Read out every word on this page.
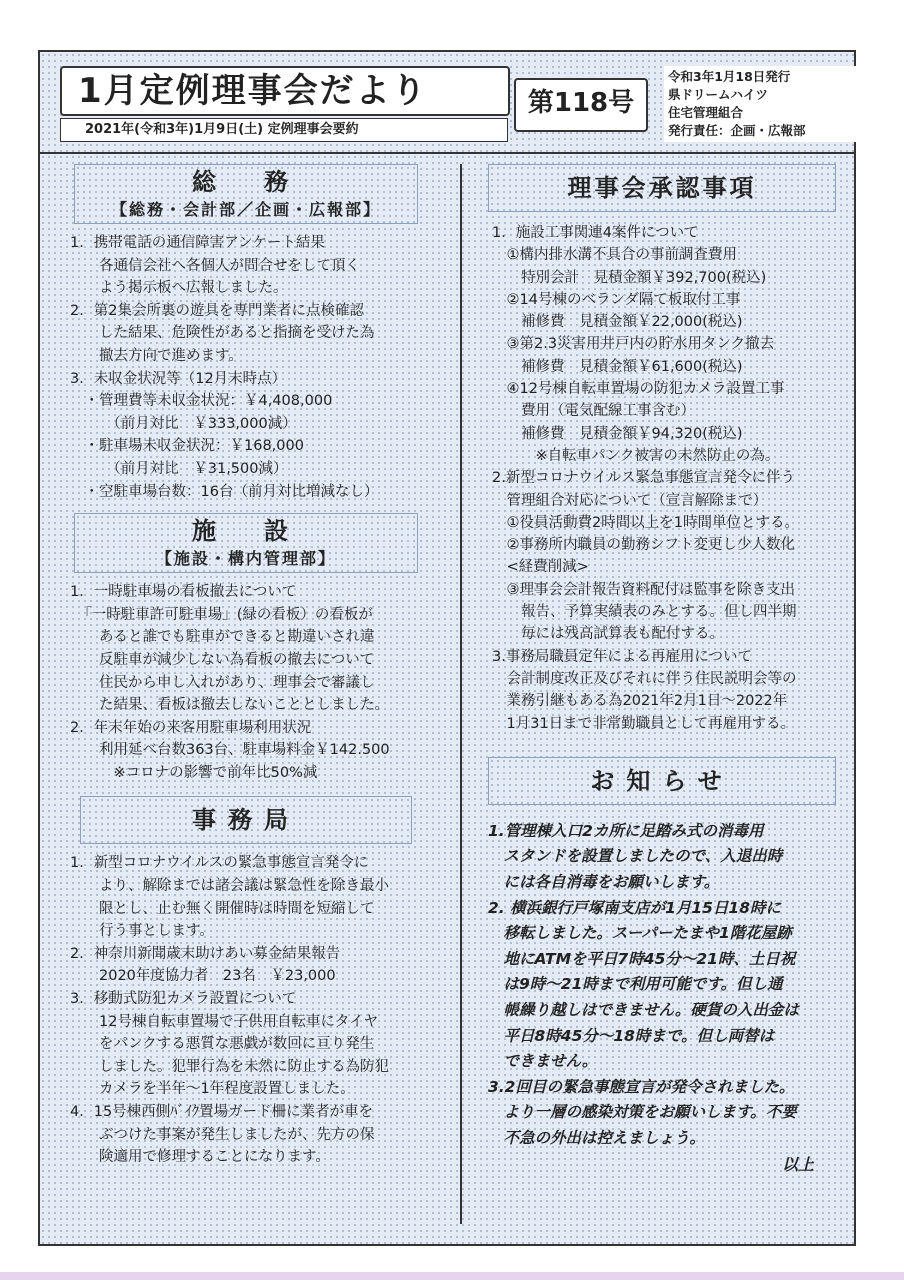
1月定例理事会だより
2021年(令和3年)1月9日(土) 定例理事会要約
第118号
令和3年1月18日発行
県ドリームハイツ
住宅管理組合
発行責任：企画・広報部
総　務
【総務・会計部／企画・広報部】
1．携帯電話の通信障害アンケート結果
　　各通信会社へ各個人が問合せをして頂く
　　よう掲示板へ広報しました。
2．第2集会所裏の遊具を専門業者に点検確認
　　した結果、危険性があると指摘を受けた為
　　撤去方向で進めます。
3．未収金状況等（12月末時点）
　・管理費等未収金状況：￥4,408,000
　　　（前月対比　￥333,000減）
　・駐車場未収金状況：￥168,000
　　　（前月対比　￥31,500減）
　・空駐車場台数：16台（前月対比増減なし）
施　設
【施設・構内管理部】
1．一時駐車場の看板撤去について
　「一時駐車許可駐車場」(緑の看板）の看板が
　　あると誰でも駐車ができると勘違いされ違
　　反駐車が減少しない為看板の撤去について
　　住民から申し入れがあり、理事会で審議し
　　た結果、看板は撤去しないこととしました。
2．年末年始の来客用駐車場利用状況
　　利用延べ台数363台、駐車場料金￥142.500
　　　※コロナの影響で前年比50%減
事務局
1．新型コロナウイルスの緊急事態宣言発令に
　　より、解除までは諸会議は緊急性を除き最小
　　限とし、止む無く開催時は時間を短縮して
　　行う事とします。
2．神奈川新聞歳末助けあい募金結果報告
　　2020年度協力者　23名　￥23,000
3．移動式防犯カメラ設置について
　　12号棟自転車置場で子供用自転車にタイヤ
　　をパンクする悪質な悪戯が数回に亘り発生
　　しました。犯罪行為を未然に防止する為防犯
　　カメラを半年〜1年程度設置しました。
4．15号棟西側ﾊﾞｲｸ置場ガード柵に業者が車を
　　ぶつけた事案が発生しましたが、先方の保
　　険適用で修理することになります。
理事会承認事項
1．施設工事関連4案件について
　①構内排水溝不具合の事前調査費用
　　特別会計　見積金額￥392,700(税込)
　②14号棟のベランダ隔て板取付工事
　　補修費　見積金額￥22,000(税込)
　③第2.3災害用井戸内の貯水用タンク撤去
　　補修費　見積金額￥61,600(税込)
　④12号棟自転車置場の防犯カメラ設置工事
　　費用（電気配線工事含む）
　　補修費　見積金額￥94,320(税込)
　　　※自転車パンク被害の未然防止の為。
2.新型コロナウイルス緊急事態宣言発令に伴う
　管理組合対応について（宣言解除まで）
　①役員活動費2時間以上を1時間単位とする。
　②事務所内職員の勤務シフト変更し少人数化
　<経費削減>
　③理事会会計報告資料配付は監事を除き支出
　　報告、予算実績表のみとする。但し四半期
　　毎には残高試算表も配付する。
3.事務局職員定年による再雇用について
　会計制度改正及びそれに伴う住民説明会等の
　業務引継もある為2021年2月1日〜2022年
　1月31日まで非常勤職員として再雇用する。
お知らせ
1.管理棟入口2カ所に足踏み式の消毒用
　スタンドを設置しましたので、入退出時
　には各自消毒をお願いします。
2. 横浜銀行戸塚南支店が1月15日18時に
　移転しました。スーパーたまや1階花屋跡
　地にATMを平日7時45分〜21時、土日祝
　は9時〜21時まで利用可能です。但し通
　帳繰り越しはできません。硬貨の入出金は
　平日8時45分〜18時まで。但し両替は
　できません。
3.2回目の緊急事態宣言が発令されました。
　より一層の感染対策をお願いします。不要
　不急の外出は控えましょう。
以上
